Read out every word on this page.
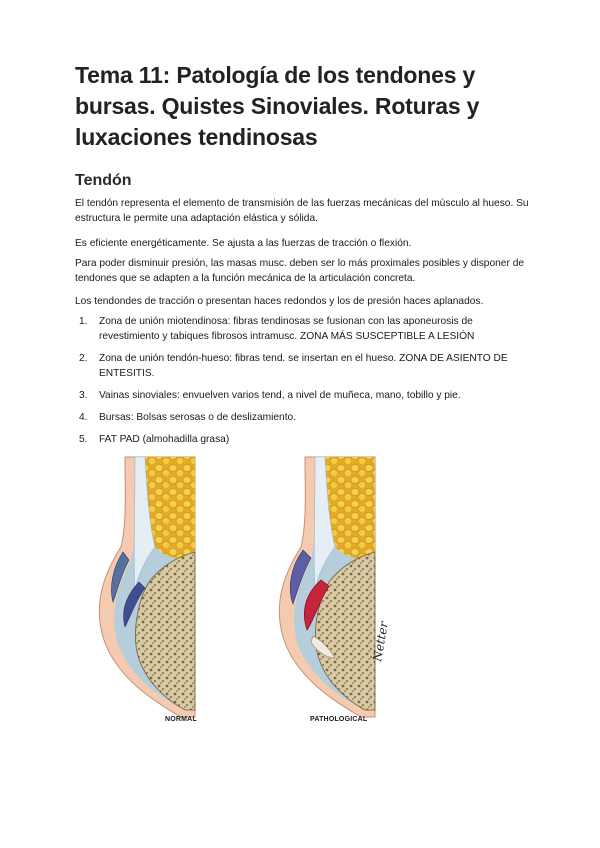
Tema 11: Patología de los tendones y bursas. Quistes Sinoviales. Roturas y luxaciones tendinosas
Tendón

El tendón representa el elemento de transmisión de las fuerzas mecánicas del músculo al hueso. Su estructura le permite una adaptación elástica y sólida.

Es eficiente energéticamente. Se ajusta a las fuerzas de tracción o flexión.

Para poder disminuir presión, las masas musc. deben ser lo más proximales posibles y disponer de tendones que se adapten a la función mecánica de la articulación concreta.

Los tendondes de tracción o presentan haces redondos y los de presión haces aplanados.

1. Zona de unión miotendinosa: fibras tendinosas se fusionan con las aponeurosis de revestimiento y tabiques fibrosos intramusc. ZONA MÁS SUSCEPTIBLE A LESIÓN
2. Zona de unión tendón-hueso: fibras tend. se insertan en el hueso. ZONA DE ASIENTO DE ENTESITIS.
3. Vainas sinoviales: envuelven varios tend, a nivel de muñeca, mano, tobillo y pie.
4. Bursas: Bolsas serosas o de deslizamiento.
5. FAT PAD (almohadilla grasa)
Netter
NORMAL	PATHOLOGICAL
